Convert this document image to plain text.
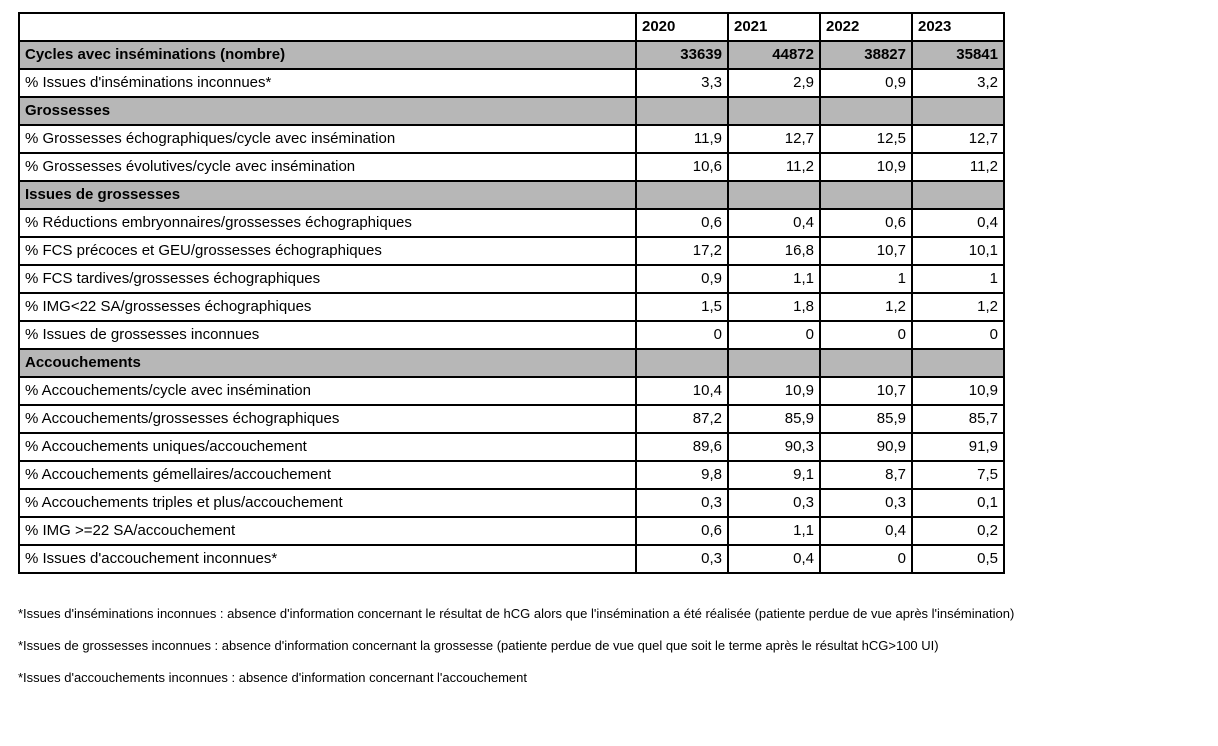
	2020	2021	2022	2023
Cycles avec inséminations (nombre)	33639	44872	38827	35841
% Issues d'inséminations inconnues*	3,3	2,9	0,9	3,2
Grossesses				
% Grossesses échographiques/cycle avec insémination	11,9	12,7	12,5	12,7
% Grossesses évolutives/cycle avec insémination	10,6	11,2	10,9	11,2
Issues de grossesses				
% Réductions embryonnaires/grossesses échographiques	0,6	0,4	0,6	0,4
% FCS précoces et GEU/grossesses échographiques	17,2	16,8	10,7	10,1
% FCS tardives/grossesses échographiques	0,9	1,1	1	1
% IMG<22 SA/grossesses échographiques	1,5	1,8	1,2	1,2
% Issues de grossesses inconnues	0	0	0	0
Accouchements				
% Accouchements/cycle avec insémination	10,4	10,9	10,7	10,9
% Accouchements/grossesses échographiques	87,2	85,9	85,9	85,7
% Accouchements uniques/accouchement	89,6	90,3	90,9	91,9
% Accouchements gémellaires/accouchement	9,8	9,1	8,7	7,5
% Accouchements triples et plus/accouchement	0,3	0,3	0,3	0,1
% IMG >=22 SA/accouchement	0,6	1,1	0,4	0,2
% Issues d'accouchement inconnues*	0,3	0,4	0	0,5

*Issues d'inséminations inconnues : absence d'information concernant le résultat de hCG alors que l'insémination a été réalisée (patiente perdue de vue après l'insémination)

*Issues de grossesses inconnues : absence d'information concernant la grossesse (patiente perdue de vue quel que soit le terme après le résultat hCG>100 UI)

*Issues d'accouchements inconnues : absence d'information concernant l'accouchement
